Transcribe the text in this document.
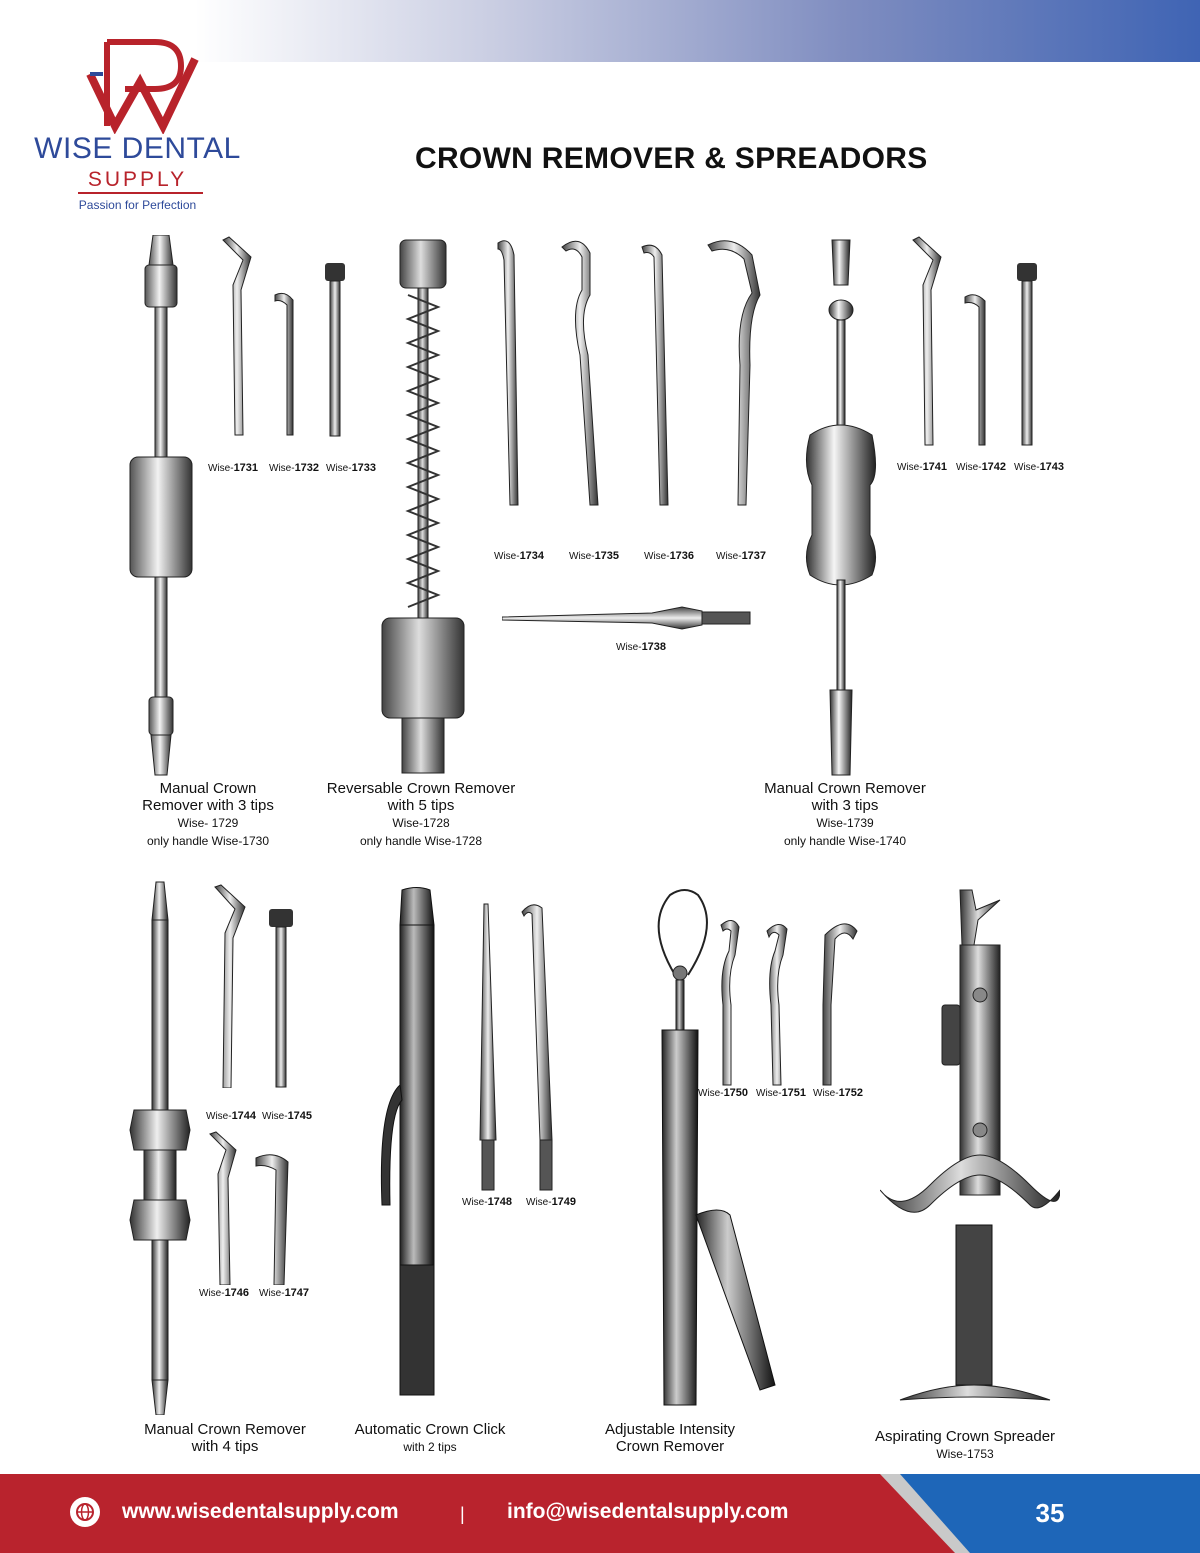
WISE DENTAL
SUPPLY
Passion for Perfection
CROWN REMOVER & SPREADORS
Wise-1731 Wise-1732 Wise-1733
Wise-1734 Wise-1735 Wise-1736 Wise-1737
Wise-1738
Wise-1741 Wise-1742 Wise-1743
Manual Crown
Remover with 3 tips
Wise- 1729
only handle Wise-1730
Reversable Crown Remover
with 5 tips
Wise-1728
only handle Wise-1728
Manual Crown Remover
with 3 tips
Wise-1739
only handle Wise-1740
Wise-1744 Wise-1745
Wise-1746 Wise-1747
Wise-1748 Wise-1749
Wise-1750 Wise-1751 Wise-1752
Manual Crown Remover
with 4 tips
Automatic Crown Click
with 2 tips
Adjustable Intensity
Crown Remover
Aspirating Crown Spreader
Wise-1753
www.wisedentalsupply.com	| info@wisedentalsupply.com	35
